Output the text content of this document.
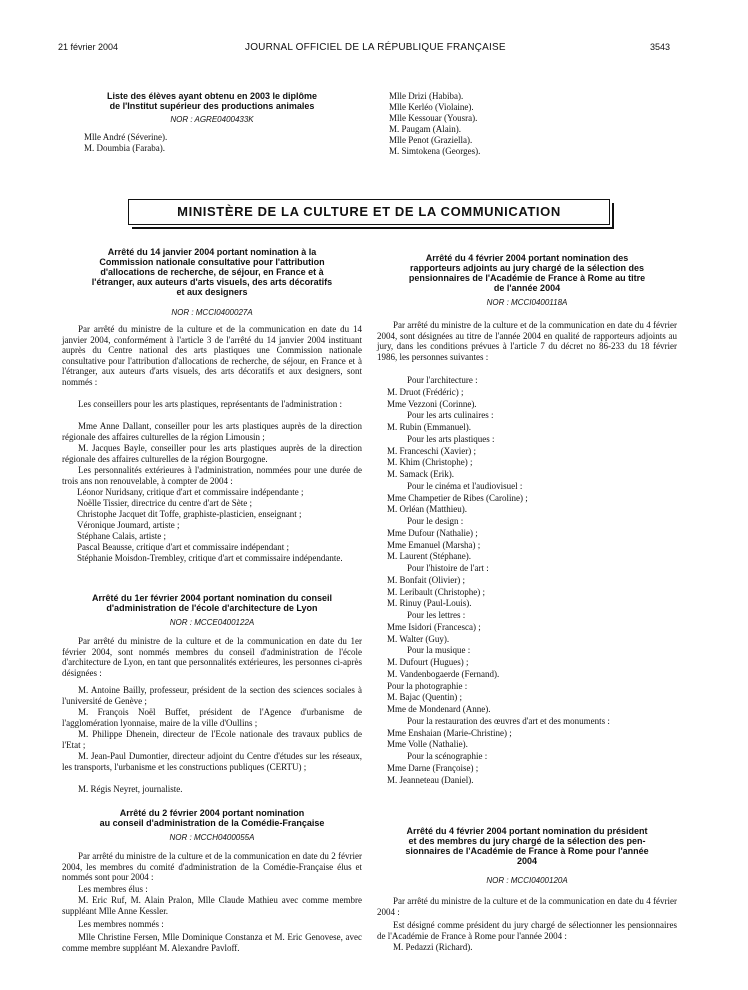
21 février 2004	JOURNAL OFFICIEL DE LA RÉPUBLIQUE FRANÇAISE	3543

Liste des élèves ayant obtenu en 2003 le diplôme

de l'Institut supérieur des productions animales

NOR : AGRE0400433K

Mlle André (Séverine).

M. Doumbia (Faraba).

Mlle Drizi (Habiba).

Mlle Kerléo (Violaine).

Mlle Kessouar (Yousra).

M. Paugam (Alain).

Mlle Penot (Graziella).

M. Simtokena (Georges).

MINISTÈRE DE LA CULTURE ET DE LA COMMUNICATION

Arrêté du 14 janvier 2004 portant nomination à la
Commission nationale consultative pour l'attribution
d'allocations de recherche, de séjour, en France et à
l'étranger, aux auteurs d'arts visuels, des arts décoratifs
et aux designers

NOR : MCCI0400027A

Par arrêté du ministre de la culture et de la communication en date du 14 janvier 2004, conformément à l'article 3 de l'arrêté du 14 janvier 2004 instituant auprès du Centre national des arts plastiques une Commission nationale consultative pour l'attribution d'allocations de recherche, de séjour, en France et à l'étranger, aux auteurs d'arts visuels, des arts décoratifs et aux designers, sont nommés :

Les conseillers pour les arts plastiques, représentants de l'administration :

Mme Anne Dallant, conseiller pour les arts plastiques auprès de la direction régionale des affaires culturelles de la région Limousin ;

M. Jacques Bayle, conseiller pour les arts plastiques auprès de la direction régionale des affaires culturelles de la région Bourgogne.

Les personnalités extérieures à l'administration, nommées pour une durée de trois ans non renouvelable, à compter de 2004 :

Léonor Nuridsany, critique d'art et commissaire indépendante ;

Noëlle Tissier, directrice du centre d'art de Sète ;

Christophe Jacquet dit Toffe, graphiste-plasticien, enseignant ;

Véronique Joumard, artiste ;

Stéphane Calais, artiste ;

Pascal Beausse, critique d'art et commissaire indépendant ;

Stéphanie Moisdon-Trembley, critique d'art et commissaire indépendante.

Arrêté du 1er février 2004 portant nomination du conseil
d'administration de l'école d'architecture de Lyon

NOR : MCCE0400122A

Par arrêté du ministre de la culture et de la communication en date du 1er février 2004, sont nommés membres du conseil d'administration de l'école d'architecture de Lyon, en tant que personnalités extérieures, les personnes ci-après désignées :

M. Antoine Bailly, professeur, président de la section des sciences sociales à l'université de Genève ;

M. François Noël Buffet, président de l'Agence d'urbanisme de l'agglomération lyonnaise, maire de la ville d'Oullins ;

M. Philippe Dhenein, directeur de l'Ecole nationale des travaux publics de l'Etat ;

M. Jean-Paul Dumontier, directeur adjoint du Centre d'études sur les réseaux, les transports, l'urbanisme et les constructions publiques (CERTU) ;

M. Régis Neyret, journaliste.

Arrêté du 2 février 2004 portant nomination
au conseil d'administration de la Comédie-Française

NOR : MCCH0400055A

Par arrêté du ministre de la culture et de la communication en date du 2 février 2004, les membres du comité d'administration de la Comédie-Française élus et nommés sont pour 2004 :

Les membres élus :

M. Eric Ruf, M. Alain Pralon, Mlle Claude Mathieu avec comme membre suppléant Mlle Anne Kessler.

Les membres nommés :

Mlle Christine Fersen, Mlle Dominique Constanza et M. Eric Genovese, avec comme membre suppléant M. Alexandre Pavloff.

Arrêté du 4 février 2004 portant nomination des
rapporteurs adjoints au jury chargé de la sélection des
pensionnaires de l'Académie de France à Rome au titre
de l'année 2004

NOR : MCCI0400118A

Par arrêté du ministre de la culture et de la communication en date du 4 février 2004, sont désignées au titre de l'année 2004 en qualité de rapporteurs adjoints au jury, dans les conditions prévues à l'article 7 du décret no 86-233 du 18 février 1986, les personnes suivantes :

Pour l'architecture :

M. Druot (Frédéric) ;

Mme Vezzoni (Corinne).

Pour les arts culinaires :

M. Rubin (Emmanuel).

Pour les arts plastiques :

M. Franceschi (Xavier) ;

M. Khim (Christophe) ;

M. Samack (Erik).

Pour le cinéma et l'audiovisuel :

Mme Champetier de Ribes (Caroline) ;

M. Orléan (Matthieu).

Pour le design :

Mme Dufour (Nathalie) ;

Mme Emanuel (Marsha) ;

M. Laurent (Stéphane).

Pour l'histoire de l'art :

M. Bonfait (Olivier) ;

M. Leribault (Christophe) ;

M. Rinuy (Paul-Louis).

Pour les lettres :

Mme Isidori (Francesca) ;

M. Walter (Guy).

Pour la musique :

M. Dufourt (Hugues) ;

M. Vandenbogaerde (Fernand).

Pour la photographie :

M. Bajac (Quentin) ;

Mme de Mondenard (Anne).

Pour la restauration des œuvres d'art et des monuments :

Mme Enshaian (Marie-Christine) ;

Mme Volle (Nathalie).

Pour la scénographie :

Mme Darne (Françoise) ;

M. Jeanneteau (Daniel).

Arrêté du 4 février 2004 portant nomination du président
et des membres du jury chargé de la sélection des pen-
sionnaires de l'Académie de France à Rome pour l'année
2004

NOR : MCCI0400120A

Par arrêté du ministre de la culture et de la communication en date du 4 février 2004 :

Est désigné comme président du jury chargé de sélectionner les pensionnaires de l'Académie de France à Rome pour l'année 2004 :

M. Pedazzi (Richard).
